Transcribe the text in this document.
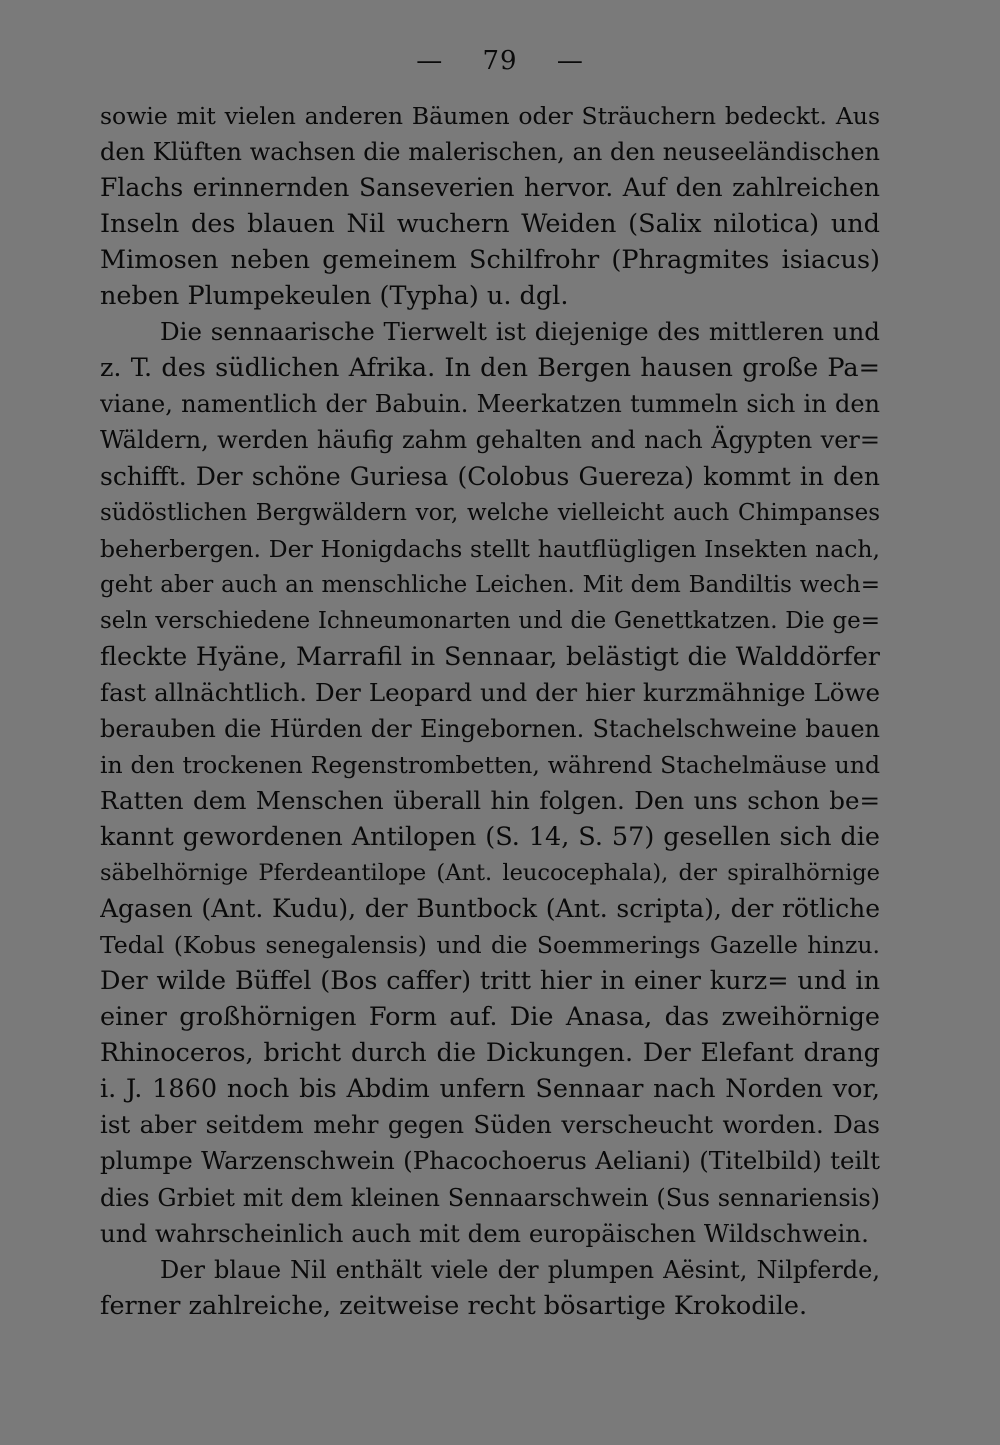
— 79 —
sowie mit vielen anderen Bäumen oder Sträuchern bedeckt. Aus
den Klüften wachsen die malerischen, an den neuseeländischen
Flachs erinnernden Sanseverien hervor. Auf den zahlreichen
Inseln des blauen Nil wuchern Weiden (Salix nilotica) und
Mimosen neben gemeinem Schilfrohr (Phragmites isiacus)
neben Plumpekeulen (Typha) u. dgl.
Die sennaarische Tierwelt ist diejenige des mittleren und
z. T. des südlichen Afrika. In den Bergen hausen große Pa=
viane, namentlich der Babuin. Meerkatzen tummeln sich in den
Wäldern, werden häufig zahm gehalten and nach Ägypten ver=
schifft. Der schöne Guriesa (Colobus Guereza) kommt in den
südöstlichen Bergwäldern vor, welche vielleicht auch Chimpanses
beherbergen. Der Honigdachs stellt hautflügligen Insekten nach,
geht aber auch an menschliche Leichen. Mit dem Bandiltis wech=
seln verschiedene Ichneumonarten und die Genettkatzen. Die ge=
fleckte Hyäne, Marrafil in Sennaar, belästigt die Walddörfer
fast allnächtlich. Der Leopard und der hier kurzmähnige Löwe
berauben die Hürden der Eingebornen. Stachelschweine bauen
in den trockenen Regenstrombetten, während Stachelmäuse und
Ratten dem Menschen überall hin folgen. Den uns schon be=
kannt gewordenen Antilopen (S. 14, S. 57) gesellen sich die
säbelhörnige Pferdeantilope (Ant. leucocephala), der spiralhörnige
Agasen (Ant. Kudu), der Buntbock (Ant. scripta), der rötliche
Tedal (Kobus senegalensis) und die Soemmerings Gazelle hinzu.
Der wilde Büffel (Bos caffer) tritt hier in einer kurz= und in
einer großhörnigen Form auf. Die Anasa, das zweihörnige
Rhinoceros, bricht durch die Dickungen. Der Elefant drang
i. J. 1860 noch bis Abdim unfern Sennaar nach Norden vor,
ist aber seitdem mehr gegen Süden verscheucht worden. Das
plumpe Warzenschwein (Phacochoerus Aeliani) (Titelbild) teilt
dies Grbiet mit dem kleinen Sennaarschwein (Sus sennariensis)
und wahrscheinlich auch mit dem europäischen Wildschwein.
Der blaue Nil enthält viele der plumpen Aësint, Nilpferde,
ferner zahlreiche, zeitweise recht bösartige Krokodile.
